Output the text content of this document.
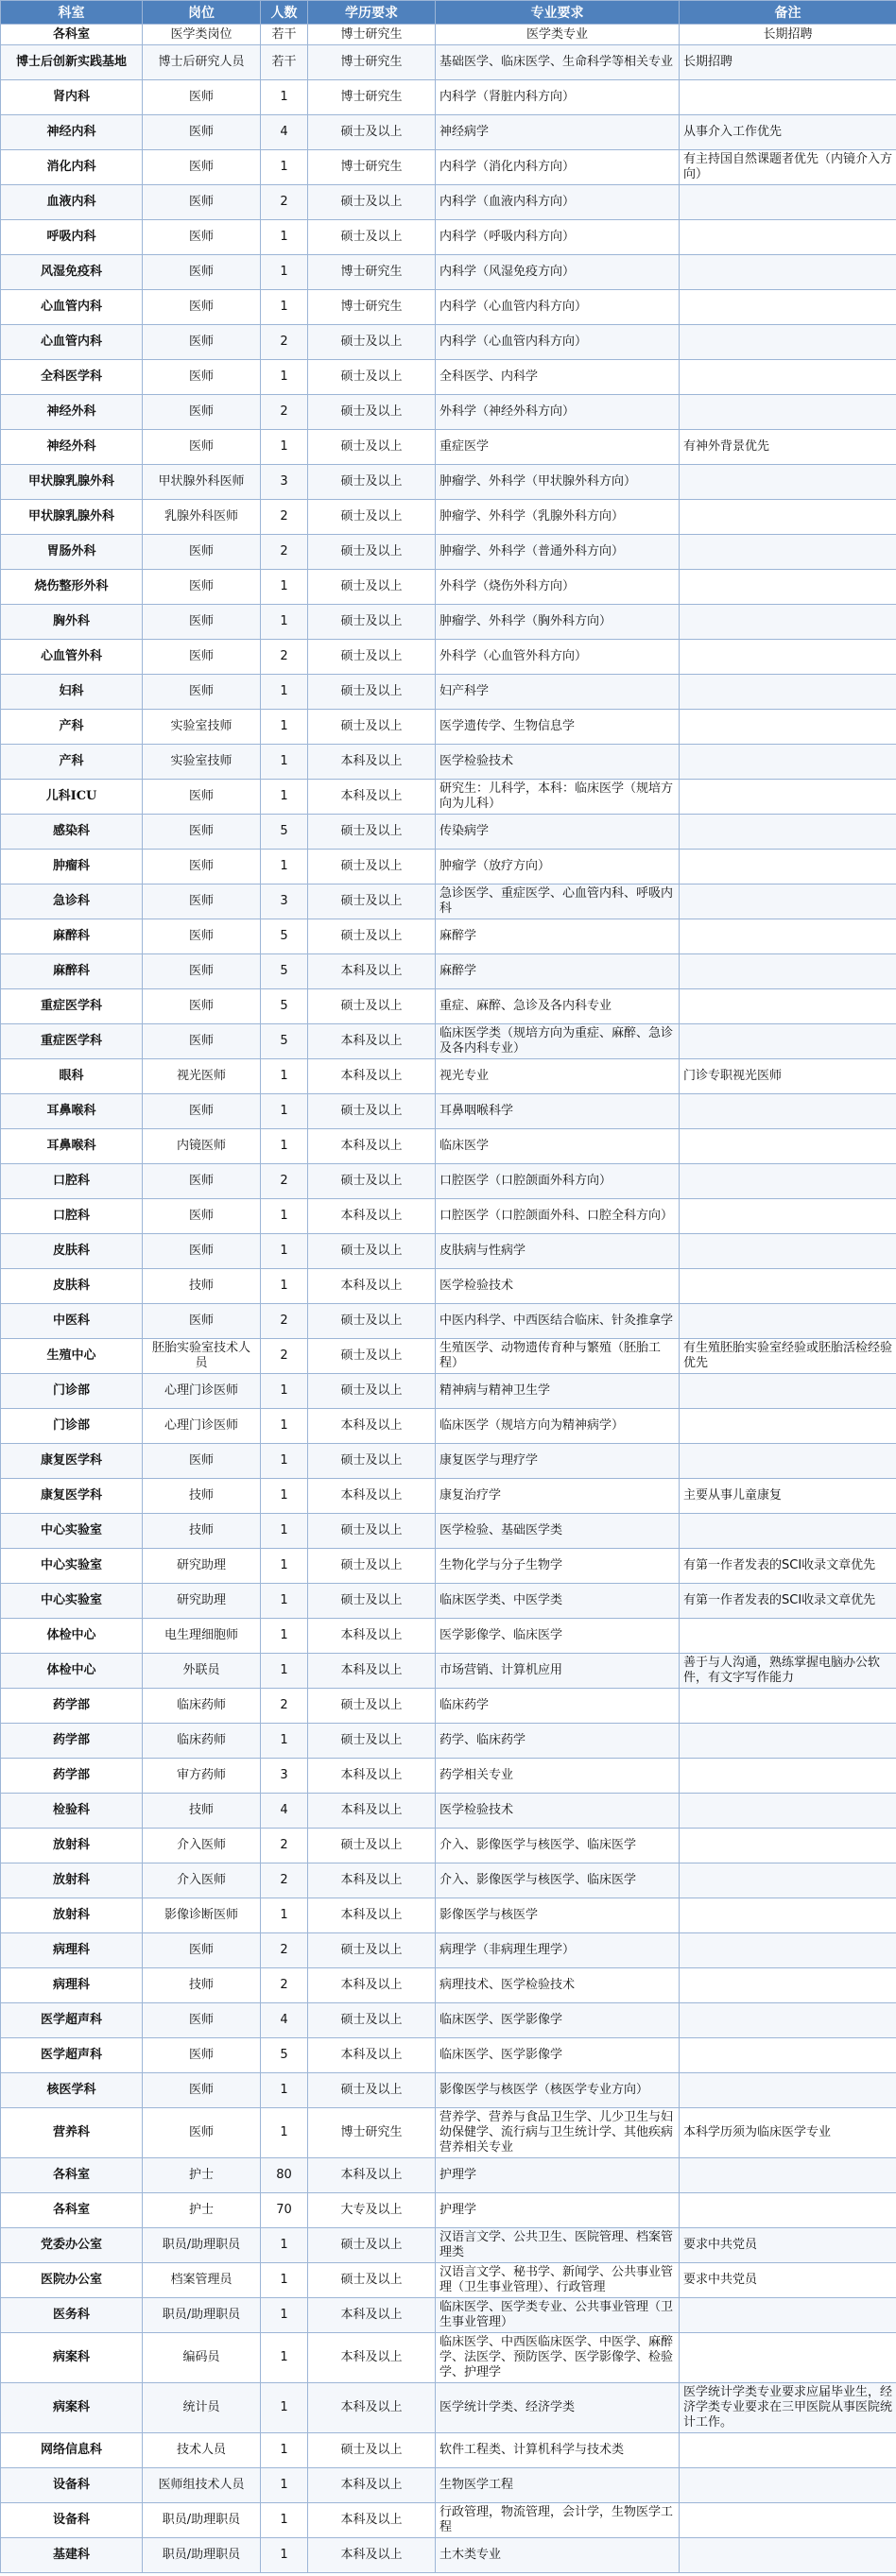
科室	岗位	人数	学历要求	专业要求	备注
各科室	医学类岗位	若干	博士研究生	医学类专业	长期招聘
博士后创新实践基地	博士后研究人员	若干	博士研究生	基础医学、临床医学、生命科学等相关专业	长期招聘
肾内科	医师	1	博士研究生	内科学（肾脏内科方向）	
神经内科	医师	4	硕士及以上	神经病学	从事介入工作优先
消化内科	医师	1	博士研究生	内科学（消化内科方向）	有主持国自然课题者优先（内镜介入方向）
血液内科	医师	2	硕士及以上	内科学（血液内科方向）	
呼吸内科	医师	1	硕士及以上	内科学（呼吸内科方向）	
风湿免疫科	医师	1	博士研究生	内科学（风湿免疫方向）	
心血管内科	医师	1	博士研究生	内科学（心血管内科方向）	
心血管内科	医师	2	硕士及以上	内科学（心血管内科方向）	
全科医学科	医师	1	硕士及以上	全科医学、内科学	
神经外科	医师	2	硕士及以上	外科学（神经外科方向）	
神经外科	医师	1	硕士及以上	重症医学	有神外背景优先
甲状腺乳腺外科	甲状腺外科医师	3	硕士及以上	肿瘤学、外科学（甲状腺外科方向）	
甲状腺乳腺外科	乳腺外科医师	2	硕士及以上	肿瘤学、外科学（乳腺外科方向）	
胃肠外科	医师	2	硕士及以上	肿瘤学、外科学（普通外科方向）	
烧伤整形外科	医师	1	硕士及以上	外科学（烧伤外科方向）	
胸外科	医师	1	硕士及以上	肿瘤学、外科学（胸外科方向）	
心血管外科	医师	2	硕士及以上	外科学（心血管外科方向）	
妇科	医师	1	硕士及以上	妇产科学	
产科	实验室技师	1	硕士及以上	医学遗传学、生物信息学	
产科	实验室技师	1	本科及以上	医学检验技术	
儿科ICU	医师	1	本科及以上	研究生：儿科学，本科：临床医学（规培方向为儿科）	
感染科	医师	5	硕士及以上	传染病学	
肿瘤科	医师	1	硕士及以上	肿瘤学（放疗方向）	
急诊科	医师	3	硕士及以上	急诊医学、重症医学、心血管内科、呼吸内科	
麻醉科	医师	5	硕士及以上	麻醉学	
麻醉科	医师	5	本科及以上	麻醉学	
重症医学科	医师	5	硕士及以上	重症、麻醉、急诊及各内科专业	
重症医学科	医师	5	本科及以上	临床医学类（规培方向为重症、麻醉、急诊及各内科专业）	
眼科	视光医师	1	本科及以上	视光专业	门诊专职视光医师
耳鼻喉科	医师	1	硕士及以上	耳鼻咽喉科学	
耳鼻喉科	内镜医师	1	本科及以上	临床医学	
口腔科	医师	2	硕士及以上	口腔医学（口腔颌面外科方向）	
口腔科	医师	1	本科及以上	口腔医学（口腔颌面外科、口腔全科方向）	
皮肤科	医师	1	硕士及以上	皮肤病与性病学	
皮肤科	技师	1	本科及以上	医学检验技术	
中医科	医师	2	硕士及以上	中医内科学、中西医结合临床、针灸推拿学	
生殖中心	胚胎实验室技术人员	2	硕士及以上	生殖医学、动物遗传育种与繁殖（胚胎工程）	有生殖胚胎实验室经验或胚胎活检经验优先
门诊部	心理门诊医师	1	硕士及以上	精神病与精神卫生学	
门诊部	心理门诊医师	1	本科及以上	临床医学（规培方向为精神病学）	
康复医学科	医师	1	硕士及以上	康复医学与理疗学	
康复医学科	技师	1	本科及以上	康复治疗学	主要从事儿童康复
中心实验室	技师	1	硕士及以上	医学检验、基础医学类	
中心实验室	研究助理	1	硕士及以上	生物化学与分子生物学	有第一作者发表的SCI收录文章优先
中心实验室	研究助理	1	硕士及以上	临床医学类、中医学类	有第一作者发表的SCI收录文章优先
体检中心	电生理细胞师	1	本科及以上	医学影像学、临床医学	
体检中心	外联员	1	本科及以上	市场营销、计算机应用	善于与人沟通，熟练掌握电脑办公软件，有文字写作能力
药学部	临床药师	2	硕士及以上	临床药学	
药学部	临床药师	1	硕士及以上	药学、临床药学	
药学部	审方药师	3	本科及以上	药学相关专业	
检验科	技师	4	本科及以上	医学检验技术	
放射科	介入医师	2	硕士及以上	介入、影像医学与核医学、临床医学	
放射科	介入医师	2	本科及以上	介入、影像医学与核医学、临床医学	
放射科	影像诊断医师	1	本科及以上	影像医学与核医学	
病理科	医师	2	硕士及以上	病理学（非病理生理学）	
病理科	技师	2	本科及以上	病理技术、医学检验技术	
医学超声科	医师	4	硕士及以上	临床医学、医学影像学	
医学超声科	医师	5	本科及以上	临床医学、医学影像学	
核医学科	医师	1	硕士及以上	影像医学与核医学（核医学专业方向）	
营养科	医师	1	博士研究生	营养学、营养与食品卫生学、儿少卫生与妇幼保健学、流行病与卫生统计学、其他疾病营养相关专业	本科学历须为临床医学专业
各科室	护士	80	本科及以上	护理学	
各科室	护士	70	大专及以上	护理学	
党委办公室	职员/助理职员	1	硕士及以上	汉语言文学、公共卫生、医院管理、档案管理类	要求中共党员
医院办公室	档案管理员	1	硕士及以上	汉语言文学、秘书学、新闻学、公共事业管理（卫生事业管理）、行政管理	要求中共党员
医务科	职员/助理职员	1	本科及以上	临床医学、医学类专业、公共事业管理（卫生事业管理）	
病案科	编码员	1	本科及以上	临床医学、中西医临床医学、中医学、麻醉学、法医学、预防医学、医学影像学、检验学、护理学	
病案科	统计员	1	本科及以上	医学统计学类、经济学类	医学统计学类专业要求应届毕业生，经济学类专业要求在三甲医院从事医院统计工作。
网络信息科	技术人员	1	硕士及以上	软件工程类、计算机科学与技术类	
设备科	医师组技术人员	1	本科及以上	生物医学工程	
设备科	职员/助理职员	1	本科及以上	行政管理，物流管理，会计学，生物医学工程	
基建科	职员/助理职员	1	本科及以上	土木类专业	
